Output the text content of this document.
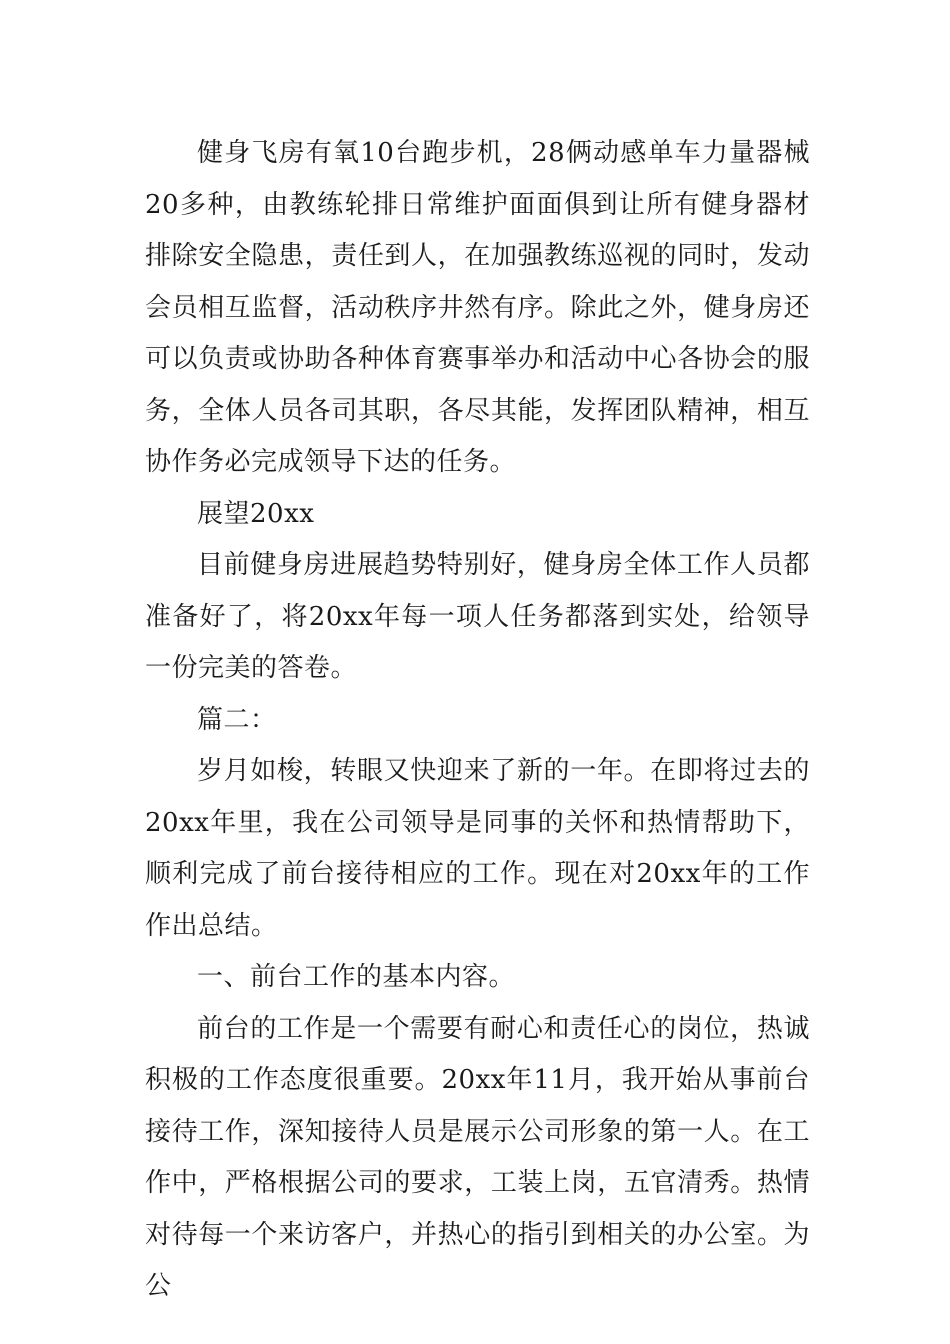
健身飞房有氧10台跑步机，28俩动感单车力量器械20多种，由教练轮排日常维护面面俱到让所有健身器材排除安全隐患，责任到人，在加强教练巡视的同时，发动会员相互监督，活动秩序井然有序。除此之外，健身房还可以负责或协助各种体育赛事举办和活动中心各协会的服务，全体人员各司其职，各尽其能，发挥团队精神，相互协作务必完成领导下达的任务。

展望20xx

目前健身房进展趋势特别好，健身房全体工作人员都准备好了，将20xx年每一项人任务都落到实处，给领导一份完美的答卷。

篇二：

岁月如梭，转眼又快迎来了新的一年。在即将过去的20xx年里，我在公司领导是同事的关怀和热情帮助下，顺利完成了前台接待相应的工作。现在对20xx年的工作作出总结。

一、前台工作的基本内容。

前台的工作是一个需要有耐心和责任心的岗位，热诚积极的工作态度很重要。20xx年11月，我开始从事前台接待工作，深知接待人员是展示公司形象的第一人。在工作中，严格根据公司的要求，工装上岗，五官清秀。热情对待每一个来访客户，并热心的指引到相关的办公室。为公
